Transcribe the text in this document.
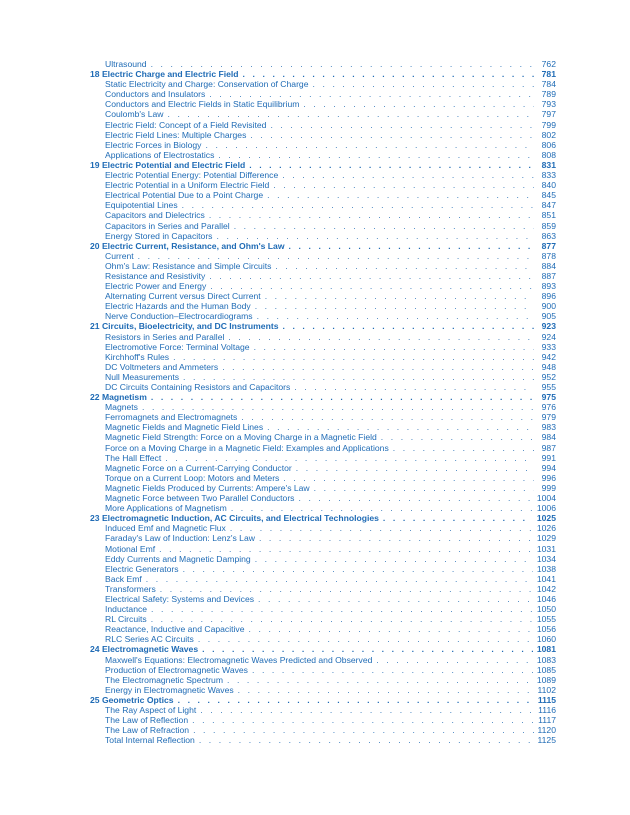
Ultrasound . . .	762
18 Electric Charge and Electric Field . . .	781
Static Electricity and Charge: Conservation of Charge . . .	784
Conductors and Insulators . . .	789
Conductors and Electric Fields in Static Equilibrium . . .	793
Coulomb's Law . . .	797
Electric Field: Concept of a Field Revisited . . .	799
Electric Field Lines: Multiple Charges . . .	802
Electric Forces in Biology . . .	806
Applications of Electrostatics . . .	808
19 Electric Potential and Electric Field . . .	831
Electric Potential Energy: Potential Difference . . .	833
Electric Potential in a Uniform Electric Field . . .	840
Electrical Potential Due to a Point Charge . . .	845
Equipotential Lines . . .	847
Capacitors and Dielectrics . . .	851
Capacitors in Series and Parallel . . .	859
Energy Stored in Capacitors . . .	863
20 Electric Current, Resistance, and Ohm's Law . . .	877
Current . . .	878
Ohm's Law: Resistance and Simple Circuits . . .	884
Resistance and Resistivity . . .	887
Electric Power and Energy . . .	893
Alternating Current versus Direct Current . . .	896
Electric Hazards and the Human Body . . .	900
Nerve Conduction–Electrocardiograms . . .	905
21 Circuits, Bioelectricity, and DC Instruments . . .	923
Resistors in Series and Parallel . . .	924
Electromotive Force: Terminal Voltage . . .	933
Kirchhoff's Rules . . .	942
DC Voltmeters and Ammeters . . .	948
Null Measurements . . .	952
DC Circuits Containing Resistors and Capacitors . . .	955
22 Magnetism . . .	975
Magnets . . .	976
Ferromagnets and Electromagnets . . .	979
Magnetic Fields and Magnetic Field Lines . . .	983
Magnetic Field Strength: Force on a Moving Charge in a Magnetic Field . . .	984
Force on a Moving Charge in a Magnetic Field: Examples and Applications . . .	987
The Hall Effect . . .	991
Magnetic Force on a Current-Carrying Conductor . . .	994
Torque on a Current Loop: Motors and Meters . . .	996
Magnetic Fields Produced by Currents: Ampere's Law . . .	999
Magnetic Force between Two Parallel Conductors . . .	1004
More Applications of Magnetism . . .	1006
23 Electromagnetic Induction, AC Circuits, and Electrical Technologies . . .	1025
Induced Emf and Magnetic Flux . . .	1026
Faraday's Law of Induction: Lenz's Law . . .	1029
Motional Emf . . .	1031
Eddy Currents and Magnetic Damping . . .	1034
Electric Generators . . .	1038
Back Emf . . .	1041
Transformers . . .	1042
Electrical Safety: Systems and Devices . . .	1046
Inductance . . .	1050
RL Circuits . . .	1055
Reactance, Inductive and Capacitive . . .	1056
RLC Series AC Circuits . . .	1060
24 Electromagnetic Waves . . .	1081
Maxwell's Equations: Electromagnetic Waves Predicted and Observed . . .	1083
Production of Electromagnetic Waves . . .	1085
The Electromagnetic Spectrum . . .	1089
Energy in Electromagnetic Waves . . .	1102
25 Geometric Optics . . .	1115
The Ray Aspect of Light . . .	1116
The Law of Reflection . . .	1117
The Law of Refraction . . .	1120
Total Internal Reflection . . .	1125
